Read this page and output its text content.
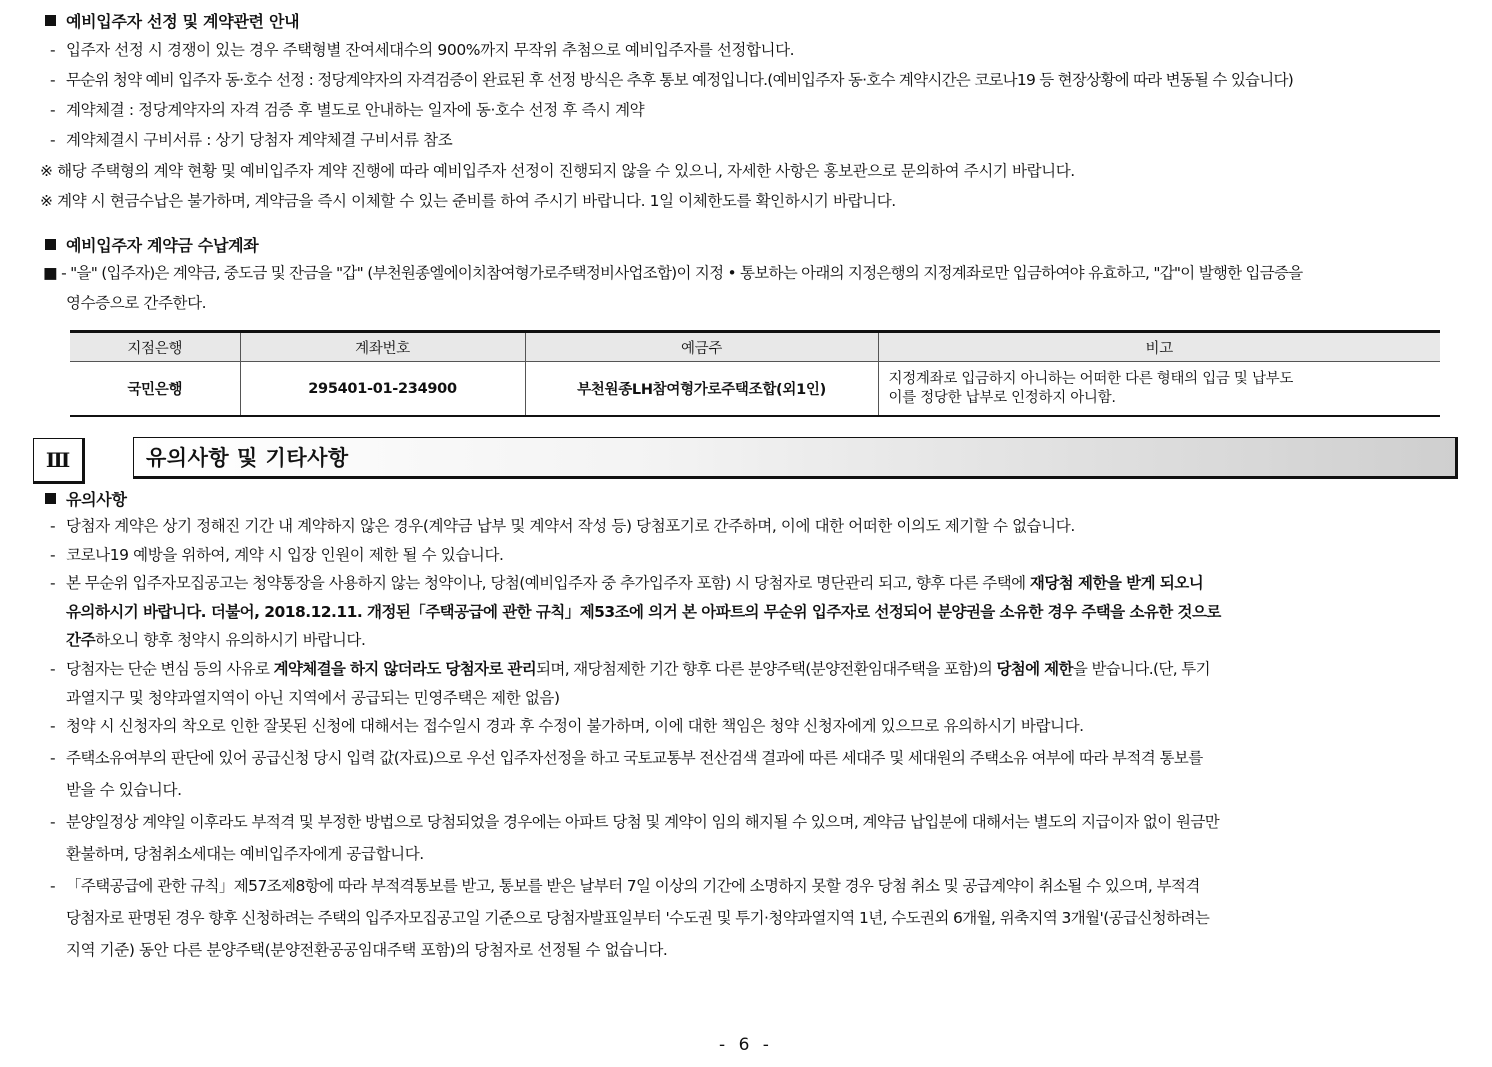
예비입주자 선정 및 계약관련 안내
- 입주자 선정 시 경쟁이 있는 경우 주택형별 잔여세대수의 900%까지 무작위 추첨으로 예비입주자를 선정합니다.
- 무순위 청약 예비 입주자 동·호수 선정 : 정당계약자의 자격검증이 완료된 후 선정 방식은 추후 통보 예정입니다.(예비입주자 동·호수 계약시간은 코로나19 등 현장상황에 따라 변동될 수 있습니다)
- 계약체결 : 정당계약자의 자격 검증 후 별도로 안내하는 일자에 동·호수 선정 후 즉시 계약
- 계약체결시 구비서류 : 상기 당첨자 계약체결 구비서류 참조
※ 해당 주택형의 계약 현황 및 예비입주자 계약 진행에 따라 예비입주자 선정이 진행되지 않을 수 있으니, 자세한 사항은 홍보관으로 문의하여 주시기 바랍니다.
※ 계약 시 현금수납은 불가하며, 계약금을 즉시 이체할 수 있는 준비를 하여 주시기 바랍니다. 1일 이체한도를 확인하시기 바랍니다.
예비입주자 계약금 수납계좌
■ - "을" (입주자)은 계약금, 중도금 및 잔금을 "갑" (부천원종엘에이치참여형가로주택정비사업조합)이 지정 • 통보하는 아래의 지정은행의 지정계좌로만 입금하여야 유효하고, "갑"이 발행한 입금증을
영수증으로 간주한다.
지점은행	계좌번호	예금주	비고
국민은행	295401-01-234900	부천원종LH참여형가로주택조합(외1인)	지정계좌로 입금하지 아니하는 어떠한 다른 형태의 입금 및 납부도
이를 정당한 납부로 인정하지 아니함.
Ⅲ	유의사항 및 기타사항
유의사항
- 당첨자 계약은 상기 정해진 기간 내 계약하지 않은 경우(계약금 납부 및 계약서 작성 등) 당첨포기로 간주하며, 이에 대한 어떠한 이의도 제기할 수 없습니다.
- 코로나19 예방을 위하여, 계약 시 입장 인원이 제한 될 수 있습니다.
- 본 무순위 입주자모집공고는 청약통장을 사용하지 않는 청약이나, 당첨(예비입주자 중 추가입주자 포함) 시 당첨자로 명단관리 되고, 향후 다른 주택에 재당첨 제한을 받게 되오니
유의하시기 바랍니다. 더불어, 2018.12.11. 개정된「주택공급에 관한 규칙」제53조에 의거 본 아파트의 무순위 입주자로 선정되어 분양권을 소유한 경우 주택을 소유한 것으로
간주하오니 향후 청약시 유의하시기 바랍니다.
- 당첨자는 단순 변심 등의 사유로 계약체결을 하지 않더라도 당첨자로 관리되며, 재당첨제한 기간 향후 다른 분양주택(분양전환임대주택을 포함)의 당첨에 제한을 받습니다.(단, 투기
과열지구 및 청약과열지역이 아닌 지역에서 공급되는 민영주택은 제한 없음)
- 청약 시 신청자의 착오로 인한 잘못된 신청에 대해서는 접수일시 경과 후 수정이 불가하며, 이에 대한 책임은 청약 신청자에게 있으므로 유의하시기 바랍니다.
- 주택소유여부의 판단에 있어 공급신청 당시 입력 값(자료)으로 우선 입주자선정을 하고 국토교통부 전산검색 결과에 따른 세대주 및 세대원의 주택소유 여부에 따라 부적격 통보를
받을 수 있습니다.
- 분양일정상 계약일 이후라도 부적격 및 부정한 방법으로 당첨되었을 경우에는 아파트 당첨 및 계약이 임의 해지될 수 있으며, 계약금 납입분에 대해서는 별도의 지급이자 없이 원금만
환불하며, 당첨취소세대는 예비입주자에게 공급합니다.
- 「주택공급에 관한 규칙」제57조제8항에 따라 부적격통보를 받고, 통보를 받은 날부터 7일 이상의 기간에 소명하지 못할 경우 당첨 취소 및 공급계약이 취소될 수 있으며, 부적격
당첨자로 판명된 경우 향후 신청하려는 주택의 입주자모집공고일 기준으로 당첨자발표일부터 '수도권 및 투기·청약과열지역 1년, 수도권외 6개월, 위축지역 3개월'(공급신청하려는
지역 기준) 동안 다른 분양주택(분양전환공공임대주택 포함)의 당첨자로 선정될 수 없습니다.
- 6 -
